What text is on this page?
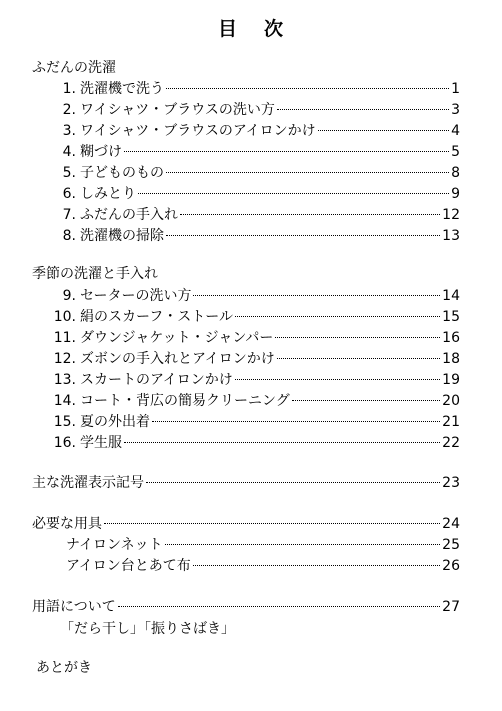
目 次
ふだんの洗濯
1. 洗濯機で洗う	1
2. ワイシャツ・ブラウスの洗い方	3
3. ワイシャツ・ブラウスのアイロンかけ	4
4. 糊づけ	5
5. 子どものもの	8
6. しみとり	9
7. ふだんの手入れ	12
8. 洗濯機の掃除	13
季節の洗濯と手入れ
9. セーターの洗い方	14
10. 絹のスカーフ・ストール	15
11. ダウンジャケット・ジャンパー	16
12. ズボンの手入れとアイロンかけ	18
13. スカートのアイロンかけ	19
14. コート・背広の簡易クリーニング	20
15. 夏の外出着	21
16. 学生服	22
主な洗濯表示記号	23
必要な用具	24
ナイロンネット	25
アイロン台とあて布	26
用語について	27
「だら干し」「振りさばき」
あとがき
